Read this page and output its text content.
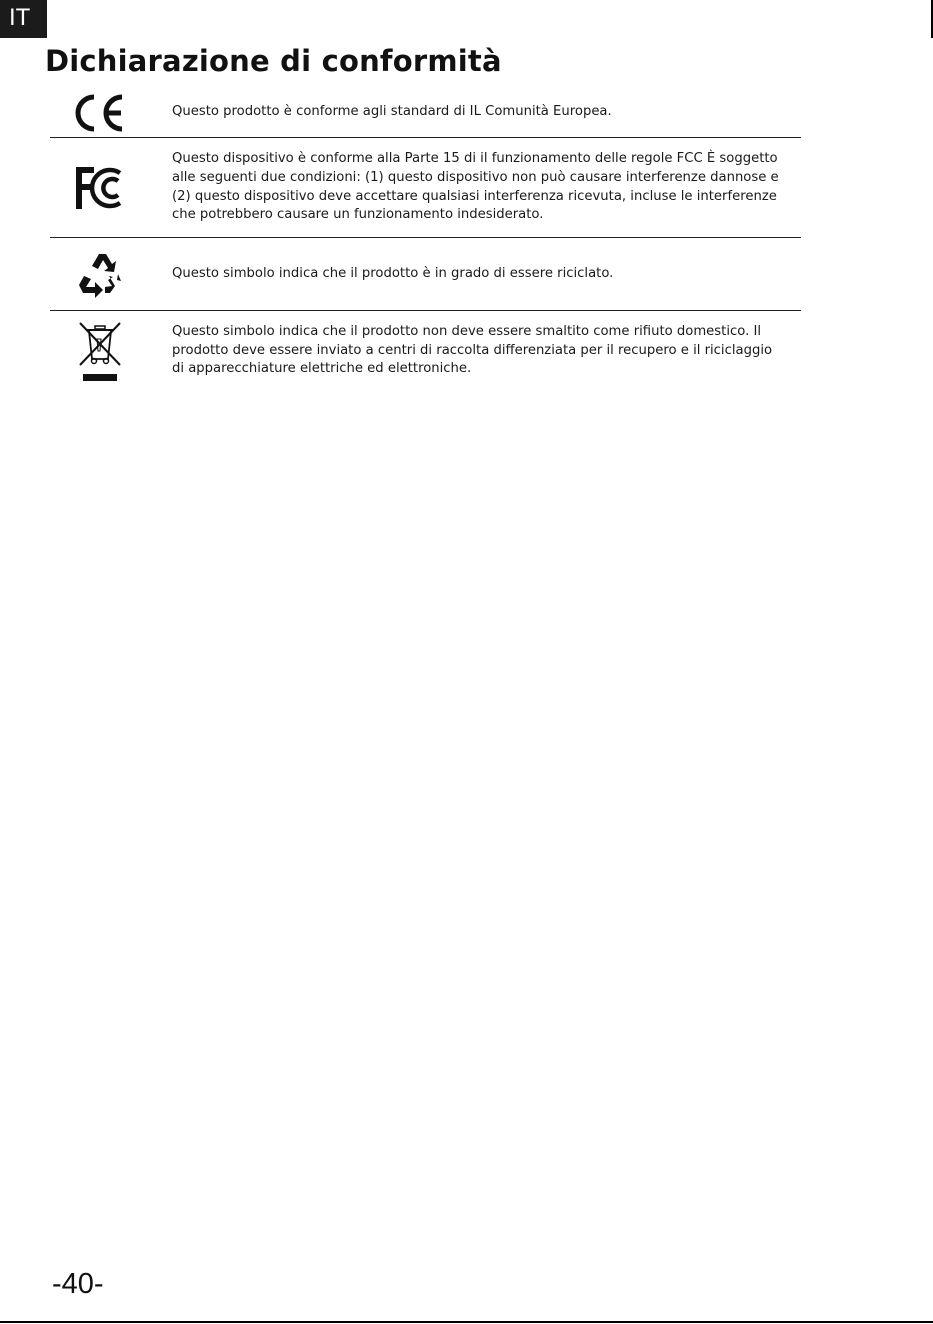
IT
Dichiarazione di conformità
Questo prodotto è conforme agli standard di IL Comunità Europea.
Questo dispositivo è conforme alla Parte 15 di il funzionamento delle regole FCC È soggetto alle seguenti due condizioni: (1) questo dispositivo non può causare interferenze dannose e (2) questo dispositivo deve accettare qualsiasi interferenza ricevuta, incluse le interferenze che potrebbero causare un funzionamento indesiderato.
Questo simbolo indica che il prodotto è in grado di essere riciclato.
Questo simbolo indica che il prodotto non deve essere smaltito come rifiuto domestico. Il prodotto deve essere inviato a centri di raccolta differenziata per il recupero e il riciclaggio di apparecchiature elettriche ed elettroniche.
-40-
